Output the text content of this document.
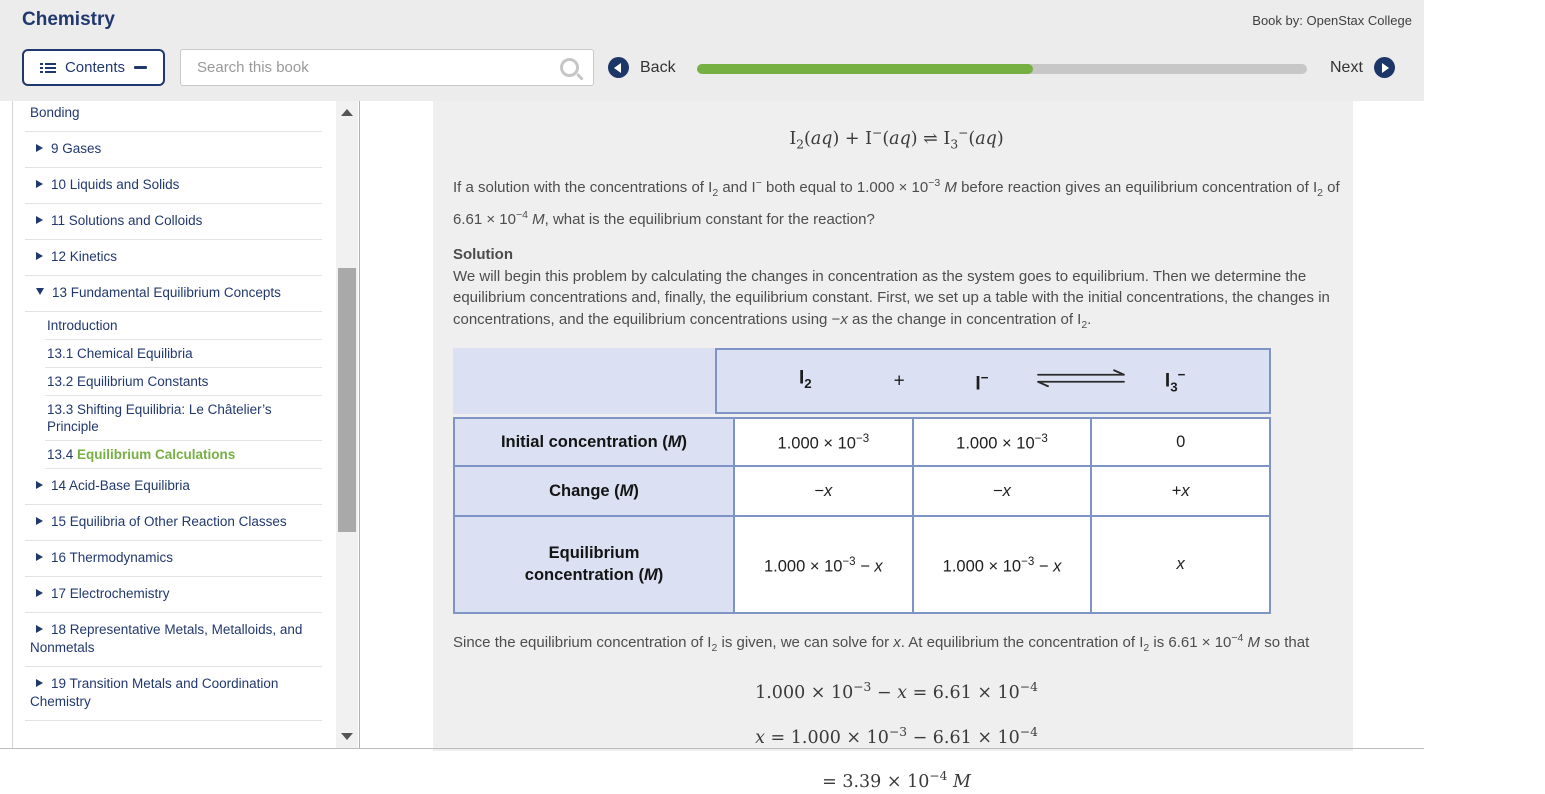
Chemistry	Book by: OpenStax College
Contents
Search this book	Back	Next
Bonding
9 Gases
10 Liquids and Solids
11 Solutions and Colloids
12 Kinetics
13 Fundamental Equilibrium Concepts
Introduction
13.1 Chemical Equilibria
13.2 Equilibrium Constants
13.3 Shifting Equilibria: Le Châtelier’s Principle
13.4 Equilibrium Calculations
14 Acid-Base Equilibria
15 Equilibria of Other Reaction Classes
16 Thermodynamics
17 Electrochemistry
18 Representative Metals, Metalloids, and Nonmetals
19 Transition Metals and Coordination Chemistry
$I_2(aq) + I^-(aq)$ ⇌ $I_3^-(aq)$

If a solution with the concentrations of $I_2$ and I− both equal to $1.000 \times 10^{-3}$ M before reaction gives an equilibrium concentration of $I_2$ of $6.61 \times 10^{-4}$ M, what is the equilibrium constant for the reaction?

Solution

We will begin this problem by calculating the changes in concentration as the system goes to equilibrium. Then we determine the equilibrium concentrations and, finally, the equilibrium constant. First, we set up a table with the initial concentrations, the changes in concentrations, and the equilibrium concentrations using −x as the change in concentration of $I_2$.

$I_2$	+	I−	$I_3^-$
Initial concentration (M)	$1.000 \times 10^{-3}$	$1.000 \times 10^{-3}$	0
Change (M)	−x	−x	+x
Equilibrium
concentration (M)	$1.000 \times 10^{-3} - x$	$1.000 \times 10^{-3} - x$	x

Since the equilibrium concentration of $I_2$ is given, we can solve for x. At equilibrium the concentration of $I_2$ is $6.61 \times 10^{-4}$ M so that

$1.000 \times 10^{-3} - x = 6.61 \times 10^{-4}$
$x = 1.000 \times 10^{-3} - 6.61 \times 10^{-4}$
= $3.39 \times 10^{-4}$ M
